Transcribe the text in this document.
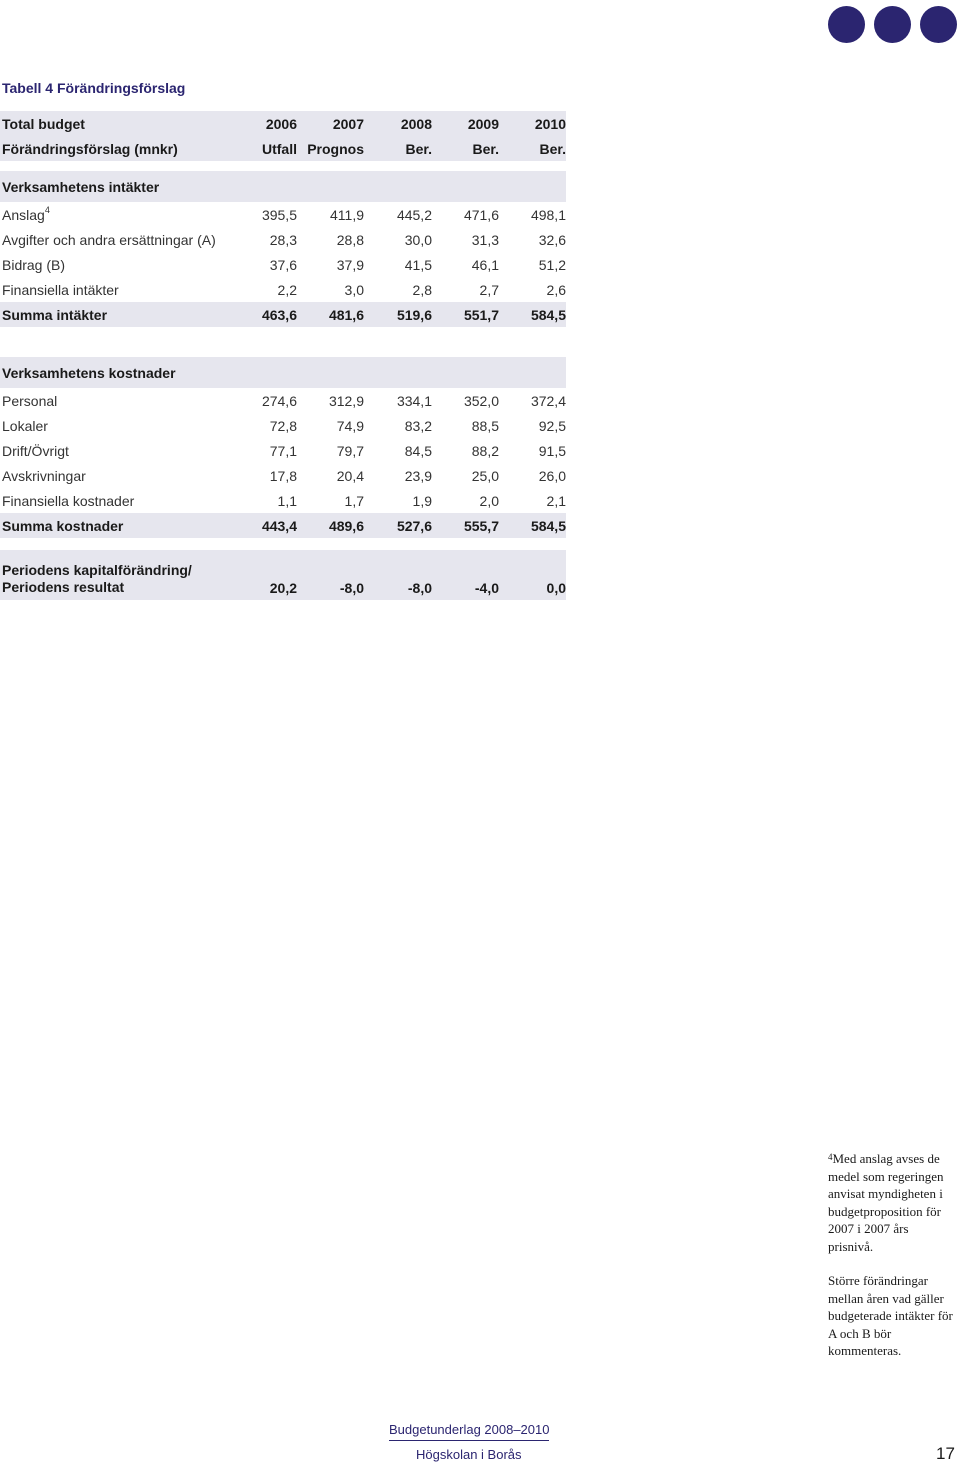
Tabell 4 Förändringsförslag
Total budget	2006	2007	2008	2009	2010
Förändringsförslag (mnkr)	Utfall	Prognos	Ber.	Ber.	Ber.

Verksamhetens intäkter					
Anslag$^4$	395,5	411,9	445,2	471,6	498,1
Avgifter och andra ersättningar (A)	28,3	28,8	30,0	31,3	32,6
Bidrag (B)	37,6	37,9	41,5	46,1	51,2
Finansiella intäkter	2,2	3,0	2,8	2,7	2,6
Summa intäkter	463,6	481,6	519,6	551,7	584,5

Verksamhetens kostnader					
Personal	274,6	312,9	334,1	352,0	372,4
Lokaler	72,8	74,9	83,2	88,5	92,5
Drift/Övrigt	77,1	79,7	84,5	88,2	91,5
Avskrivningar	17,8	20,4	23,9	25,0	26,0
Finansiella kostnader	1,1	1,7	1,9	2,0	2,1
Summa kostnader	443,4	489,6	527,6	555,7	584,5

Periodens kapitalförändring/
Periodens resultat	20,2	-8,0	-8,0	-4,0	0,0
$^4$Med anslag avses de medel som regeringen anvisat myndigheten i budgetproposition för 2007 i 2007 års prisnivå.
Större förändringar mellan åren vad gäller budgeterade intäkter för A och B bör kommenteras.
Budgetunderlag 2008–2010
Högskolan i Borås	17
